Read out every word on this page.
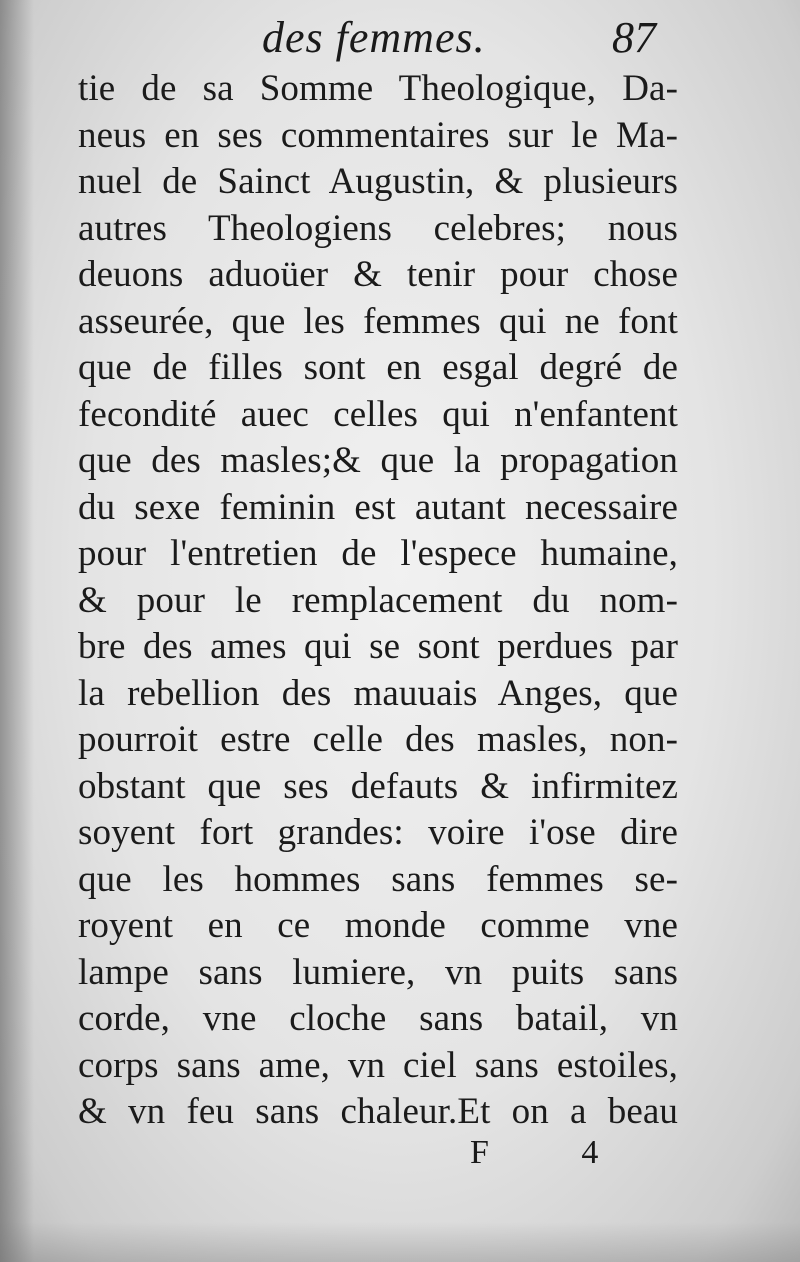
des femmes.	87
tie de sa Somme Theologique, Da-
neus en ses commentaires sur le Ma-
nuel de Sainct Augustin, & plusieurs
autres Theologiens celebres; nous
deuons aduoüer & tenir pour chose
asseurée, que les femmes qui ne font
que de filles sont en esgal degré de
fecondité auec celles qui n'enfantent
que des masles;& que la propagation
du sexe feminin est autant necessaire
pour l'entretien de l'espece humaine,
& pour le remplacement du nom-
bre des ames qui se sont perdues par
la rebellion des mauuais Anges, que
pourroit estre celle des masles, non-
obstant que ses defauts & infirmitez
soyent fort grandes: voire i'ose dire
que les hommes sans femmes se-
royent en ce monde comme vne
lampe sans lumiere, vn puits sans
corde, vne cloche sans batail, vn
corps sans ame, vn ciel sans estoiles,
& vn feu sans chaleur.Et on a beau
F 4
